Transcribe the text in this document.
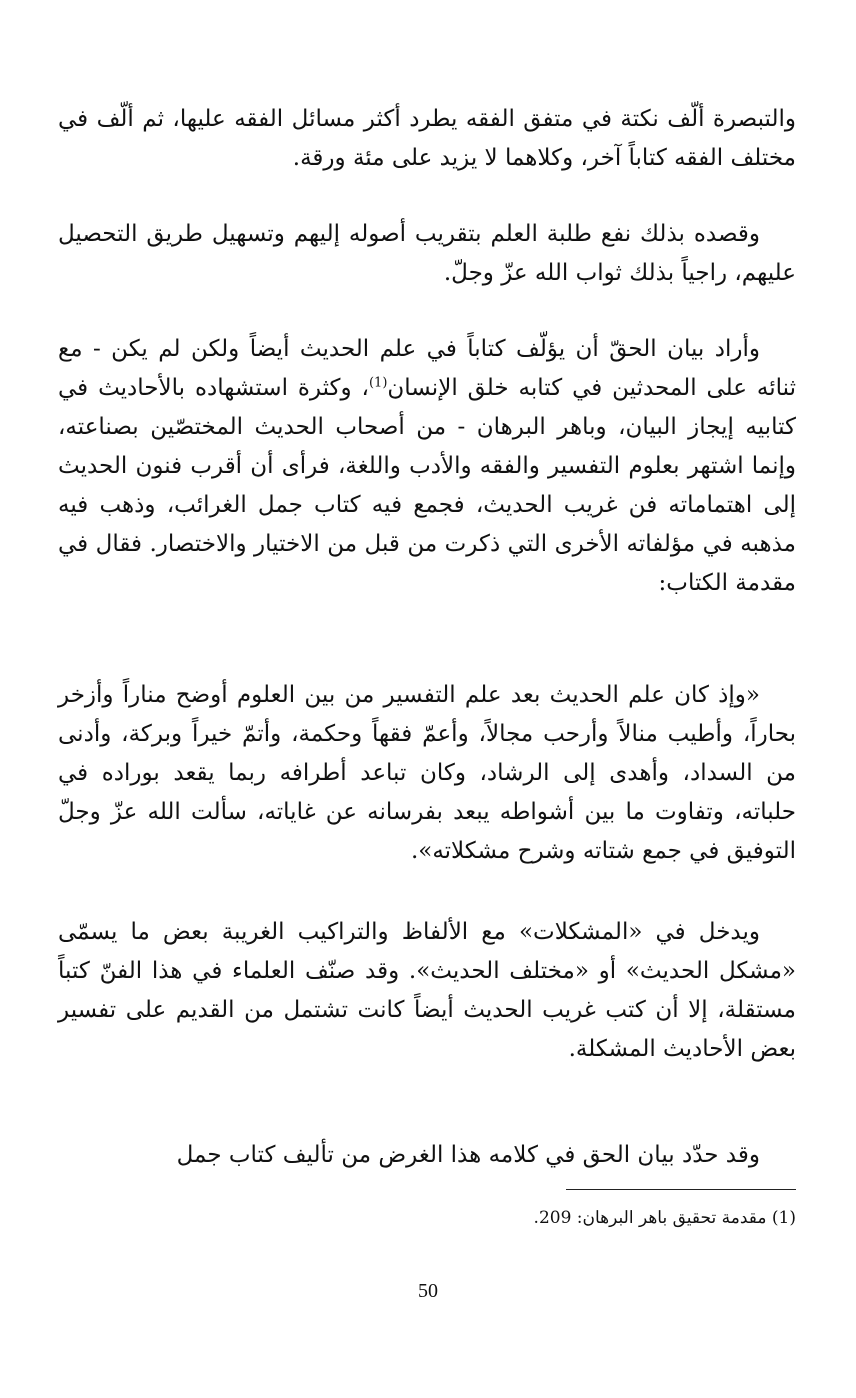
والتبصرة ألّف نكتة في متفق الفقه يطرد أكثر مسائل الفقه عليها، ثم ألّف في مختلف الفقه كتاباً آخر، وكلاهما لا يزيد على مئة ورقة.

وقصده بذلك نفع طلبة العلم بتقريب أصوله إليهم وتسهيل طريق التحصيل عليهم، راجياً بذلك ثواب الله عزّ وجلّ.

وأراد بيان الحقّ أن يؤلّف كتاباً في علم الحديث أيضاً ولكن لم يكن - مع ثنائه على المحدثين في كتابه خلق الإنسان$^{(1)}$، وكثرة استشهاده بالأحاديث في كتابيه إيجاز البيان، وباهر البرهان - من أصحاب الحديث المختصّين بصناعته، وإنما اشتهر بعلوم التفسير والفقه والأدب واللغة، فرأى أن أقرب فنون الحديث إلى اهتماماته فن غريب الحديث، فجمع فيه كتاب جمل الغرائب، وذهب فيه مذهبه في مؤلفاته الأخرى التي ذكرت من قبل من الاختيار والاختصار. فقال في مقدمة الكتاب:

«وإذ كان علم الحديث بعد علم التفسير من بين العلوم أوضح مناراً وأزخر بحاراً، وأطيب منالاً وأرحب مجالاً، وأعمّ فقهاً وحكمة، وأتمّ خيراً وبركة، وأدنى من السداد، وأهدى إلى الرشاد، وكان تباعد أطرافه ربما يقعد بوراده في حلباته، وتفاوت ما بين أشواطه يبعد بفرسانه عن غاياته، سألت الله عزّ وجلّ التوفيق في جمع شتاته وشرح مشكلاته».

ويدخل في «المشكلات» مع الألفاظ والتراكيب الغريبة بعض ما يسمّى «مشكل الحديث» أو «مختلف الحديث». وقد صنّف العلماء في هذا الفنّ كتباً مستقلة، إلا أن كتب غريب الحديث أيضاً كانت تشتمل من القديم على تفسير بعض الأحاديث المشكلة.

وقد حدّد بيان الحق في كلامه هذا الغرض من تأليف كتاب جمل

(1) مقدمة تحقيق باهر البرهان: 209.
50
